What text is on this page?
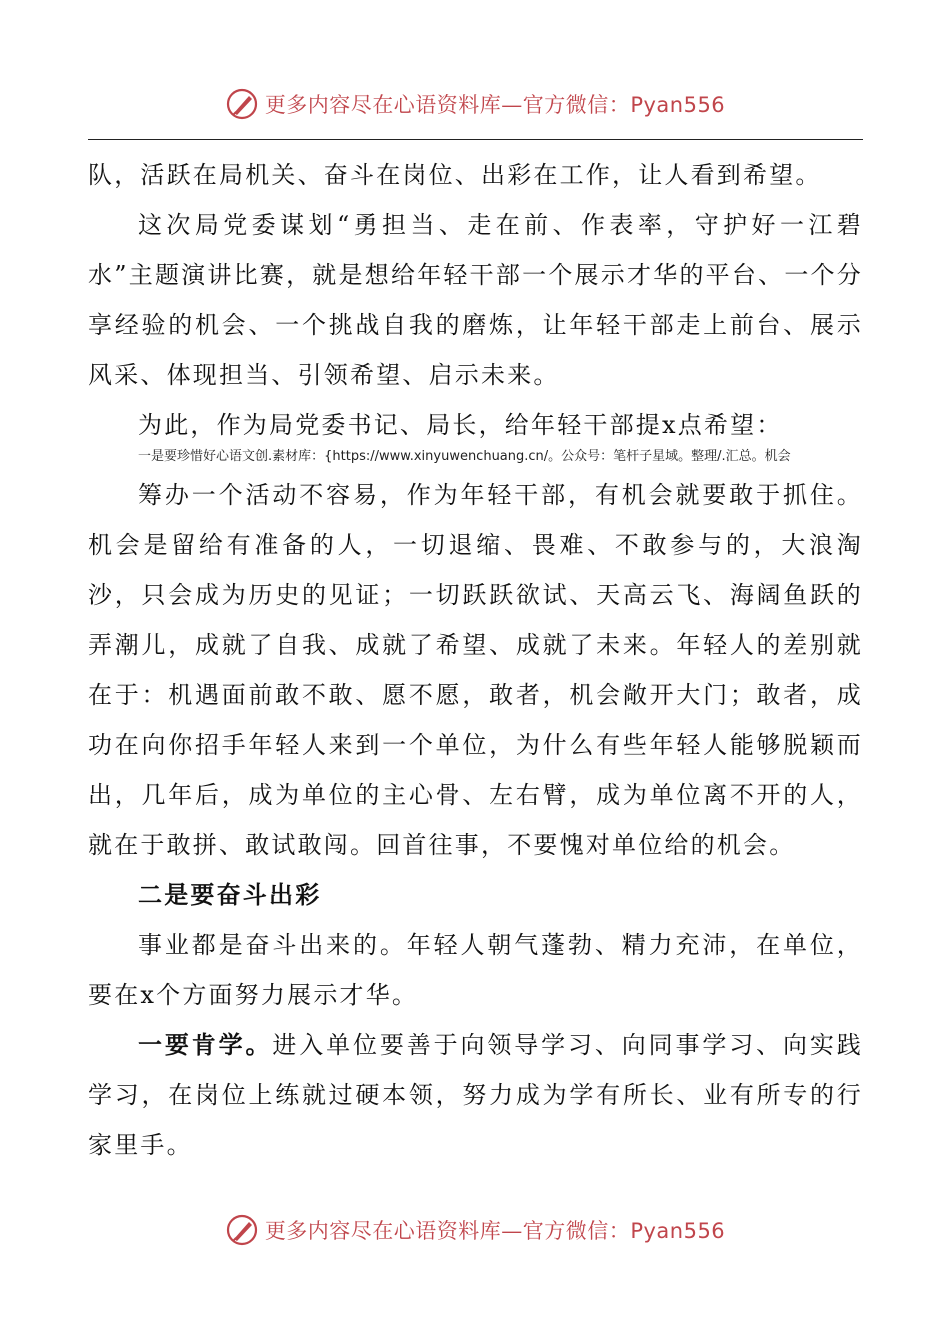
更多内容尽在心语资料库—官方微信：Pyan556

队，活跃在局机关、奋斗在岗位、出彩在工作，让人看到希望。

这次局党委谋划“勇担当、走在前、作表率，守护好一江碧水”主题演讲比赛，就是想给年轻干部一个展示才华的平台、一个分享经验的机会、一个挑战自我的磨炼，让年轻干部走上前台、展示风采、体现担当、引领希望、启示未来。

为此，作为局党委书记、局长，给年轻干部提x点希望：

一是要珍惜好心语文创.素材库：{https://www.xinyuwenchuang.cn/。公众号：笔杆子星域。整理/.汇总。机会

筹办一个活动不容易，作为年轻干部，有机会就要敢于抓住。机会是留给有准备的人，一切退缩、畏难、不敢参与的，大浪淘沙，只会成为历史的见证；一切跃跃欲试、天高云飞、海阔鱼跃的弄潮儿，成就了自我、成就了希望、成就了未来。年轻人的差别就在于：机遇面前敢不敢、愿不愿，敢者，机会敞开大门；敢者，成功在向你招手年轻人来到一个单位，为什么有些年轻人能够脱颖而出，几年后，成为单位的主心骨、左右臂，成为单位离不开的人，就在于敢拼、敢试敢闯。回首往事，不要愧对单位给的机会。

二是要奋斗出彩

事业都是奋斗出来的。年轻人朝气蓬勃、精力充沛，在单位，要在x个方面努力展示才华。

一要肯学。进入单位要善于向领导学习、向同事学习、向实践学习，在岗位上练就过硬本领，努力成为学有所长、业有所专的行家里手。

更多内容尽在心语资料库—官方微信：Pyan556
